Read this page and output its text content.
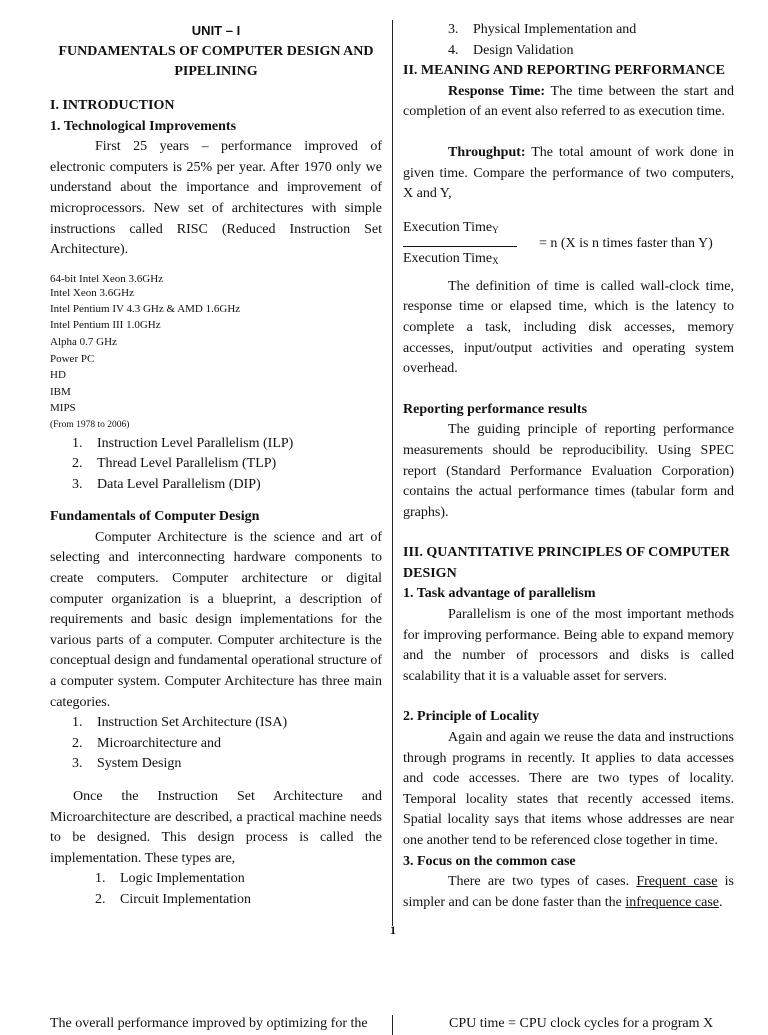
UNIT – I
FUNDAMENTALS OF COMPUTER DESIGN AND
PIPELINING

I. INTRODUCTION

1. Technological Improvements

First 25 years – performance improved of electronic computers is 25% per year. After 1970 only we understand about the importance and improvement of microprocessors. New set of architectures with simple instructions called RISC (Reduced Instruction Set Architecture).

64-bit Intel Xeon 3.6GHz

Intel Xeon 3.6GHz

Intel Pentium IV 4.3 GHz & AMD 1.6GHz

Intel Pentium III 1.0GHz

Alpha 0.7 GHz

Power PC

HD

IBM

MIPS

(From 1978 to 2006)

1.	Instruction Level Parallelism (ILP)
2.	Thread Level Parallelism (TLP)
3.	Data Level Parallelism (DIP)

Fundamentals of Computer Design

Computer Architecture is the science and art of selecting and interconnecting hardware components to create computers. Computer architecture or digital computer organization is a blueprint, a description of requirements and basic design implementations for the various parts of a computer. Computer architecture is the conceptual design and fundamental operational structure of a computer system. Computer Architecture has three main categories.

1.	Instruction Set Architecture (ISA)
2.	Microarchitecture and
3.	System Design

Once the Instruction Set Architecture and Microarchitecture are described, a practical machine needs to be designed. This design process is called the implementation. These types are,

1.	Logic Implementation
2.	Circuit Implementation
3.	Physical Implementation and
4.	Design Validation

II. MEANING AND REPORTING PERFORMANCE

Response Time: The time between the start and completion of an event also referred to as execution time.

Throughput: The total amount of work done in given time. Compare the performance of two computers, X and Y,

Execution Time$_Y$
Execution Time$_X$
= n (X is n times faster than Y)

The definition of time is called wall-clock time, response time or elapsed time, which is the latency to complete a task, including disk accesses, memory accesses, input/output activities and operating system overhead.

Reporting performance results

The guiding principle of reporting performance measurements should be reproducibility. Using SPEC report (Standard Performance Evaluation Corporation) contains the actual performance times (tabular form and graphs).

III. QUANTITATIVE PRINCIPLES OF COMPUTER DESIGN

1. Task advantage of parallelism

Parallelism is one of the most important methods for improving performance. Being able to expand memory and the number of processors and disks is called scalability that it is a valuable asset for servers.

2. Principle of Locality

Again and again we reuse the data and instructions through programs in recently. It applies to data accesses and code accesses. There are two types of locality. Temporal locality states that recently accessed items. Spatial locality says that items whose addresses are near one another tend to be referenced close together in time.

3. Focus on the common case

There are two types of cases. Frequent case is simpler and can be done faster than the infrequence case.

1
The overall performance improved by optimizing for the	CPU time = CPU clock cycles for a program X
